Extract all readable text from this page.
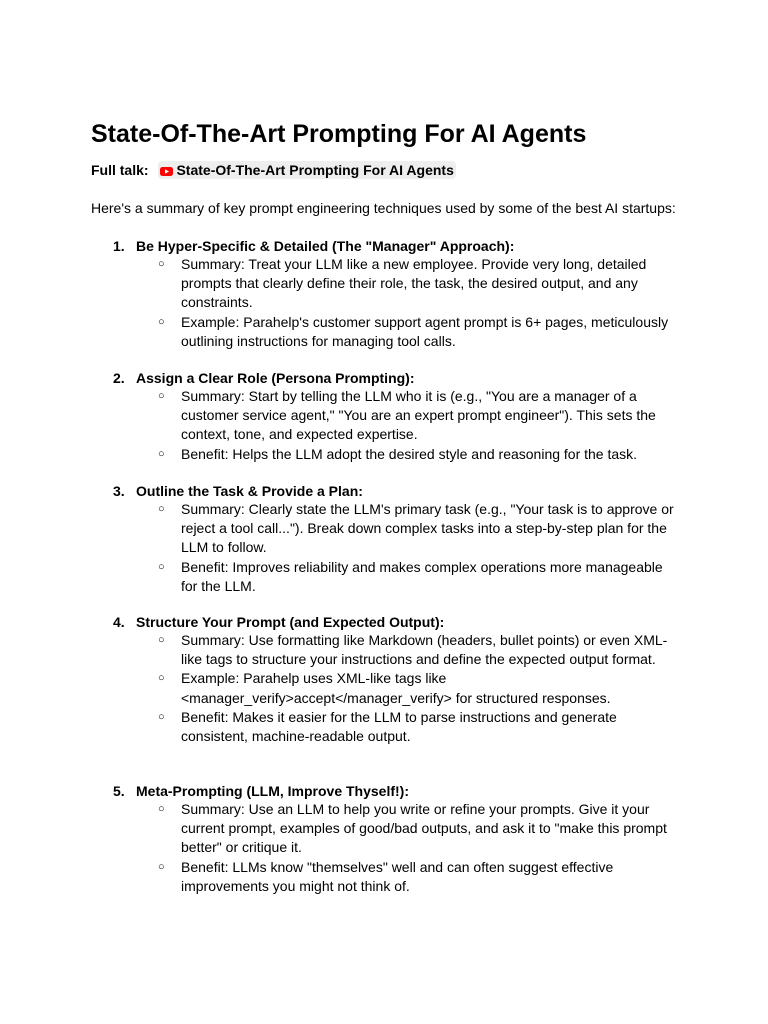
State-Of-The-Art Prompting For AI Agents
Full talk: State-Of-The-Art Prompting For AI Agents
Here's a summary of key prompt engineering techniques used by some of the best AI startups:
1. Be Hyper-Specific & Detailed (The "Manager" Approach):
○ Summary: Treat your LLM like a new employee. Provide very long, detailed prompts that clearly define their role, the task, the desired output, and any constraints.
○ Example: Parahelp's customer support agent prompt is 6+ pages, meticulously outlining instructions for managing tool calls.
2. Assign a Clear Role (Persona Prompting):
○ Summary: Start by telling the LLM who it is (e.g., "You are a manager of a customer service agent," "You are an expert prompt engineer"). This sets the context, tone, and expected expertise.
○ Benefit: Helps the LLM adopt the desired style and reasoning for the task.
3. Outline the Task & Provide a Plan:
○ Summary: Clearly state the LLM's primary task (e.g., "Your task is to approve or reject a tool call..."). Break down complex tasks into a step-by-step plan for the LLM to follow.
○ Benefit: Improves reliability and makes complex operations more manageable for the LLM.
4. Structure Your Prompt (and Expected Output):
○ Summary: Use formatting like Markdown (headers, bullet points) or even XML-like tags to structure your instructions and define the expected output format.
○ Example: Parahelp uses XML-like tags like <manager_verify>accept</manager_verify> for structured responses.
○ Benefit: Makes it easier for the LLM to parse instructions and generate consistent, machine-readable output.
5. Meta-Prompting (LLM, Improve Thyself!):
○ Summary: Use an LLM to help you write or refine your prompts. Give it your current prompt, examples of good/bad outputs, and ask it to "make this prompt better" or critique it.
○ Benefit: LLMs know "themselves" well and can often suggest effective improvements you might not think of.
